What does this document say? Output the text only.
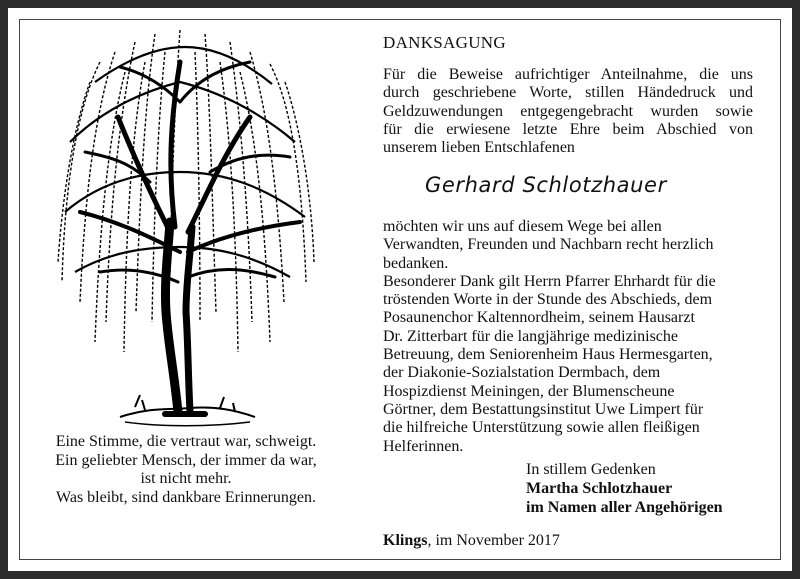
Eine Stimme, die vertraut war, schweigt.
Ein geliebter Mensch, der immer da war,
ist nicht mehr.
Was bleibt, sind dankbare Erinnerungen.
DANKSAGUNG
Für die Beweise aufrichtiger Anteilnahme, die uns
durch geschriebene Worte, stillen Händedruck und
Geldzuwendungen entgegengebracht wurden sowie
für die erwiesene letzte Ehre beim Abschied von
unserem lieben Entschlafenen
Gerhard Schlotzhauer
möchten wir uns auf diesem Wege bei allen
Verwandten, Freunden und Nachbarn recht herzlich
bedanken.
Besonderer Dank gilt Herrn Pfarrer Ehrhardt für die
tröstenden Worte in der Stunde des Abschieds, dem
Posaunenchor Kaltennordheim, seinem Hausarzt
Dr. Zitterbart für die langjährige medizinische
Betreuung, dem Seniorenheim Haus Hermesgarten,
der Diakonie-Sozialstation Dermbach, dem
Hospizdienst Meiningen, der Blumenscheune
Görtner, dem Bestattungsinstitut Uwe Limpert für
die hilfreiche Unterstützung sowie allen fleißigen
Helferinnen.
In stillem Gedenken
Martha Schlotzhauer
im Namen aller Angehörigen
Klings, im November 2017
